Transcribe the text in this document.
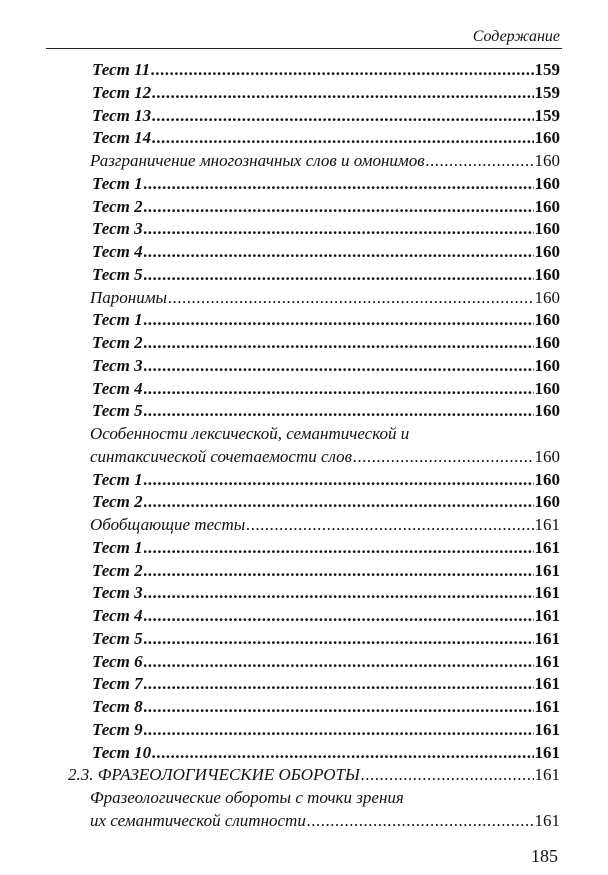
Содержание
Тест 11 .....	159
Тест 12 .....	159
Тест 13 .....	159
Тест 14 .....	160
Разграничение многозначных слов и омонимов .....	160
Тест 1 .....	160
Тест 2 .....	160
Тест 3 .....	160
Тест 4 .....	160
Тест 5 .....	160
Паронимы .....	160
Тест 1 .....	160
Тест 2 .....	160
Тест 3 .....	160
Тест 4 .....	160
Тест 5 .....	160
Особенности лексической, семантической и
синтаксической сочетаемости слов .....	160
Тест 1 .....	160
Тест 2 .....	160
Обобщающие тесты .....	161
Тест 1 .....	161
Тест 2 .....	161
Тест 3 .....	161
Тест 4 .....	161
Тест 5 .....	161
Тест 6 .....	161
Тест 7 .....	161
Тест 8 .....	161
Тест 9 .....	161
Тест 10 .....	161
2.3. ФРАЗЕОЛОГИЧЕСКИЕ ОБОРОТЫ .....	161
Фразеологические обороты с точки зрения
их семантической слитности .....	161
185
